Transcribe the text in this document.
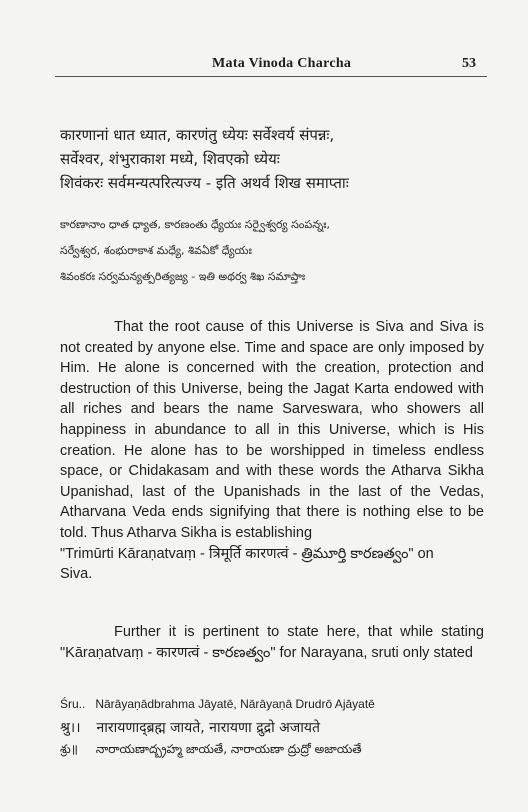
Mata Vinoda Charcha	53
कारणानां धात ध्यात, कारणंतु ध्येयः सर्वेश्वर्य संपन्नः,
सर्वेश्वर, शंभुराकाश मध्ये, शिवएको ध्येयः
शिवंकरः सर्वमन्यत्परित्यज्य - इति अथर्व शिख समाप्ताः
కారణానాం ధాత ధ్యాత, కారణంతు ధ్యేయః సర్వైశ్వర్య సంపన్నః,
సర్వేశ్వర, శంభురాకాశ మధ్యే, శివఏకో ధ్యేయః
శివంకరః సర్వమన్యత్పరిత్యజ్య - ఇతి అథర్వ శిఖ సమాప్తాః

That the root cause of this Universe is Siva and Siva is not created by anyone else. Time and space are only imposed by Him. He alone is concerned with the creation, protection and destruction of this Universe, being the Jagat Karta endowed with all riches and bears the name Sarveswara, who showers all happiness in abundance to all in this Universe, which is His creation. He alone has to be worshipped in timeless endless space, or Chidakasam and with these words the Atharva Sikha Upanishad, last of the Upanishads in the last of the Vedas, Atharvana Veda ends signifying that there is nothing else to be told. Thus Atharva Sikha is establishing

"Trimūrti Kāraṇatvaṃ - त्रिमूर्ति कारणत्वं - త్రిమూర్తి కారణత్వం" on

Siva.

Further it is pertinent to state here, that while stating "Kāraṇatvaṃ - कारणत्वं - కారణత్వం" for Narayana, sruti only stated

Śru.. Nārāyaṇādbrahma Jāyatē, Nārāyaṇā Drudrō Ajāyatē
श्रु।। नारायणाद्ब्रह्म जायते, नारायणा द्रुद्रो अजायते
శ్రు॥ నారాయణాద్బ్రహ్మ జాయతే, నారాయణా ద్రుద్రో అజాయతే
